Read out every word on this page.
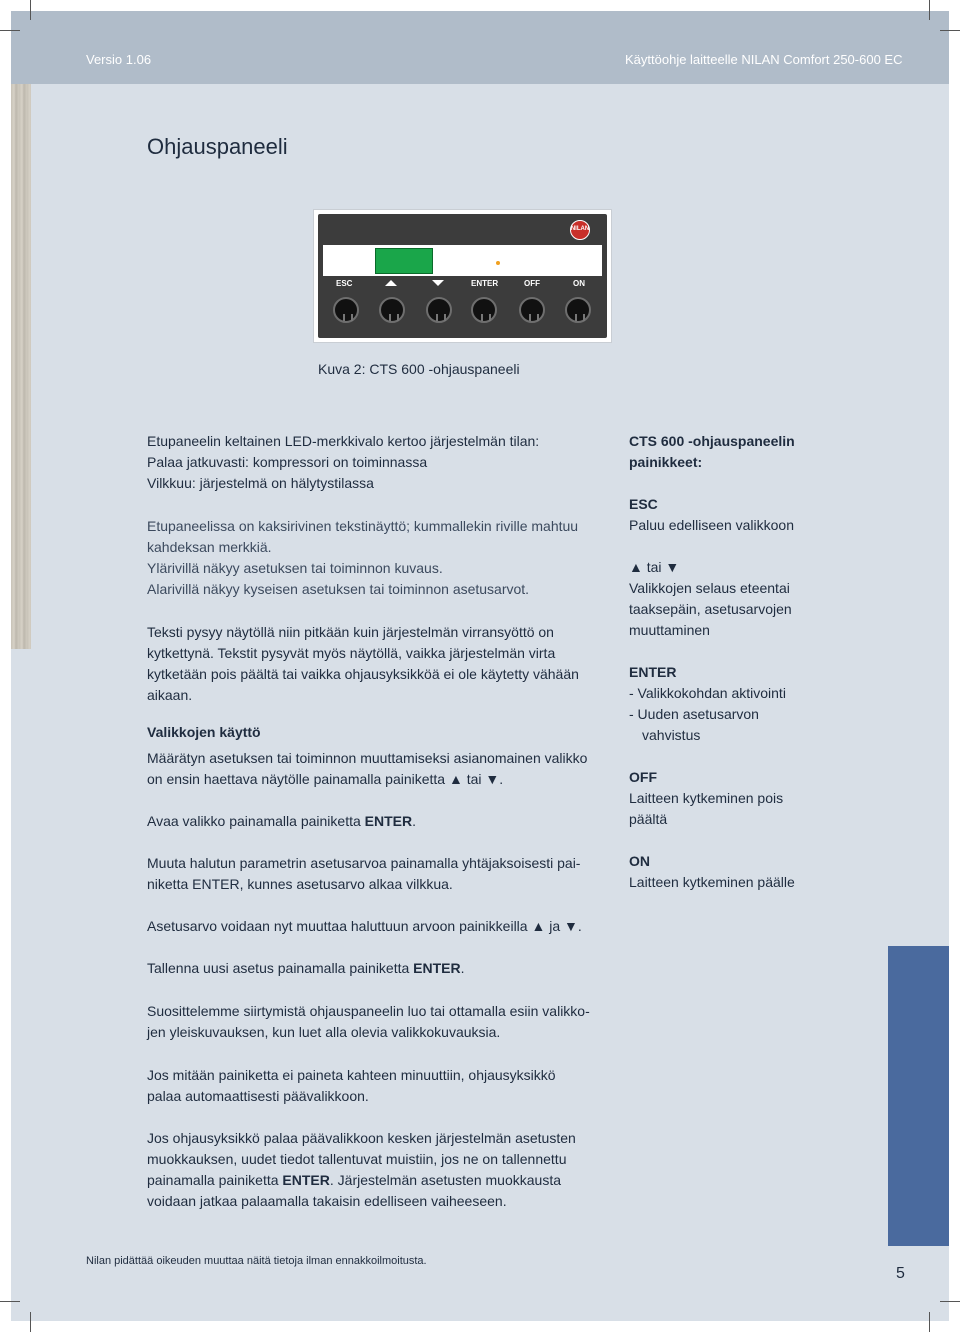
Versio 1.06	Käyttöohje laitteelle NILAN Comfort 250-600 EC
Ohjauspaneeli
NILAN
ESC	ENTER	OFF	ON
Kuva 2: CTS 600 -ohjauspaneeli

Etupaneelin keltainen LED-merkkivalo kertoo järjestelmän tilan:

Palaa jatkuvasti: kompressori on toiminnassa

Vilkkuu: järjestelmä on hälytystilassa

Etupaneelissa on kaksirivinen tekstinäyttö; kummallekin riville mahtuu

kahdeksan merkkiä.

Ylärivillä näkyy asetuksen tai toiminnon kuvaus.

Alarivillä näkyy kyseisen asetuksen tai toiminnon asetusarvot.

Teksti pysyy näytöllä niin pitkään kuin järjestelmän virransyöttö on

kytkettynä. Tekstit pysyvät myös näytöllä, vaikka järjestelmän virta

kytketään pois päältä tai vaikka ohjausyksikköä ei ole käytetty vähään

aikaan.

Valikkojen käyttö

Määrätyn asetuksen tai toiminnon muuttamiseksi asianomainen valikko

on ensin haettava näytölle painamalla painiketta ▲ tai ▼.

Avaa valikko painamalla painiketta ENTER.

Muuta halutun parametrin asetusarvoa painamalla yhtäjaksoisesti pai-

niketta ENTER, kunnes asetusarvo alkaa vilkkua.

Asetusarvo voidaan nyt muuttaa haluttuun arvoon painikkeilla ▲ ja ▼.

Tallenna uusi asetus painamalla painiketta ENTER.

Suosittelemme siirtymistä ohjauspaneelin luo tai ottamalla esiin valikko-

jen yleiskuvauksen, kun luet alla olevia valikkokuvauksia.

Jos mitään painiketta ei paineta kahteen minuuttiin, ohjausyksikkö

palaa automaattisesti päävalikkoon.

Jos ohjausyksikkö palaa päävalikkoon kesken järjestelmän asetusten

muokkauksen, uudet tiedot tallentuvat muistiin, jos ne on tallennettu

painamalla painiketta ENTER. Järjestelmän asetusten muokkausta

voidaan jatkaa palaamalla takaisin edelliseen vaiheeseen.

CTS 600 -ohjauspaneelin

painikkeet:

ESC

Paluu edelliseen valikkoon

▲ tai ▼

Valikkojen selaus eteentai

taaksepäin, asetusarvojen

muuttaminen

ENTER

- Valikkokohdan aktivointi

- Uuden asetusarvon

vahvistus

OFF

Laitteen kytkeminen pois

päältä

ON

Laitteen kytkeminen päälle

Nilan pidättää oikeuden muuttaa näitä tietoja ilman ennakkoilmoitusta.
5
